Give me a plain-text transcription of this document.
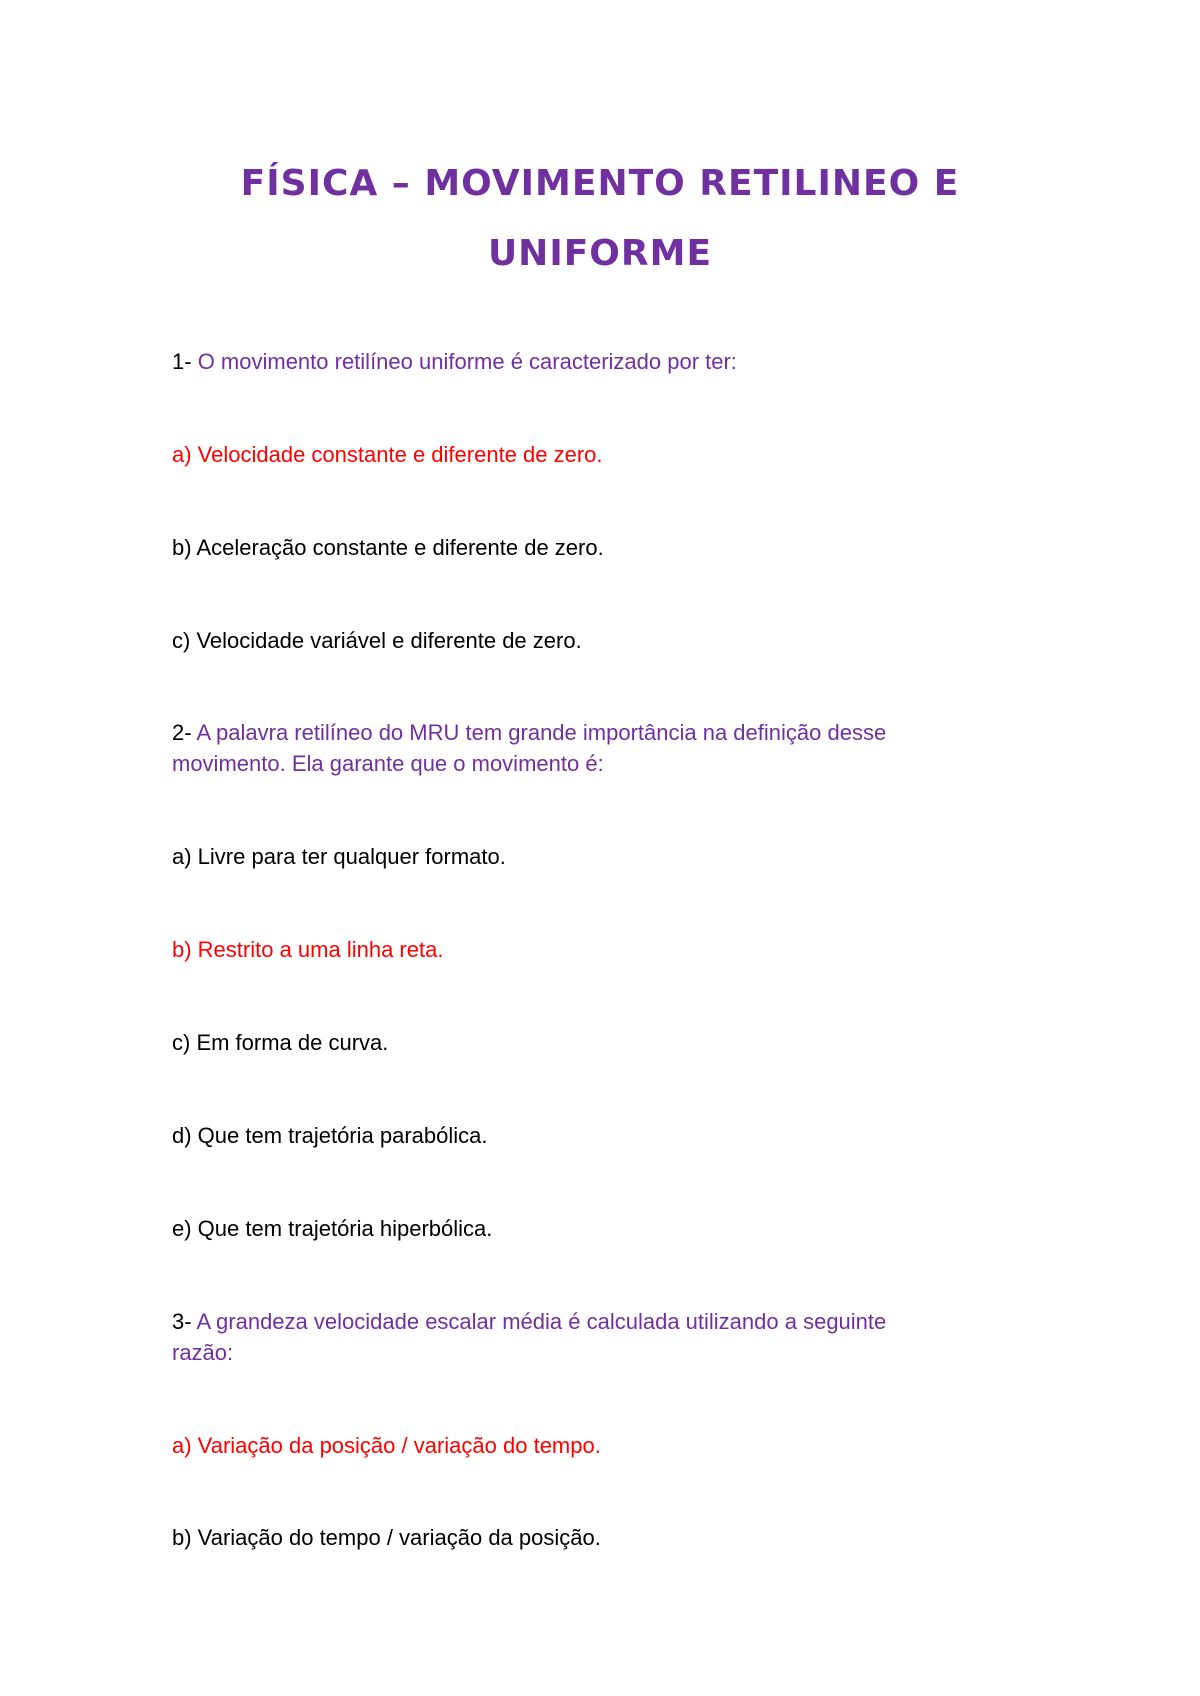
FÍSICA – MOVIMENTO RETILINEO E
UNIFORME
1- O movimento retilíneo uniforme é caracterizado por ter:
a) Velocidade constante e diferente de zero.
b) Aceleração constante e diferente de zero.
c) Velocidade variável e diferente de zero.
2- A palavra retilíneo do MRU tem grande importância na definição desse
movimento. Ela garante que o movimento é:
a) Livre para ter qualquer formato.
b) Restrito a uma linha reta.
c) Em forma de curva.
d) Que tem trajetória parabólica.
e) Que tem trajetória hiperbólica.
3- A grandeza velocidade escalar média é calculada utilizando a seguinte
razão:
a) Variação da posição / variação do tempo.
b) Variação do tempo / variação da posição.
